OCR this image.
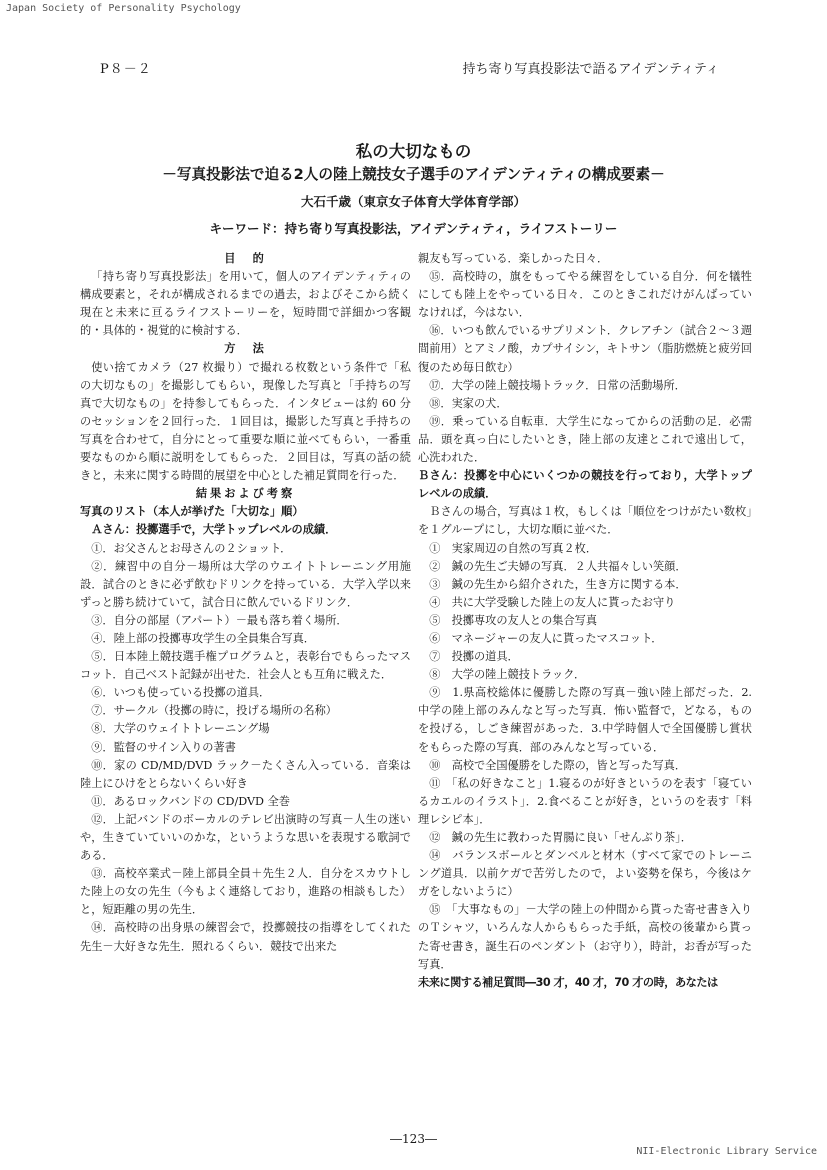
Japan Society of Personality Psychology
P８－２	持ち寄り写真投影法で語るアイデンティティ
私の大切なもの
－写真投影法で迫る2人の陸上競技女子選手のアイデンティティの構成要素－
大石千歳（東京女子体育大学体育学部）
キーワード：持ち寄り写真投影法，アイデンティティ，ライフストーリー

目　的

「持ち寄り写真投影法」を用いて，個人のアイデンティティの構成要素と，それが構成されるまでの過去，およびそこから続く現在と未来に亘るライフストーリーを，短時間で詳細かつ客観的・具体的・視覚的に検討する．

方　法

使い捨てカメラ（27 枚撮り）で撮れる枚数という条件で「私の大切なもの」を撮影してもらい，現像した写真と「手持ちの写真で大切なもの」を持参してもらった．インタビューは約 60 分のセッションを２回行った．１回目は，撮影した写真と手持ちの写真を合わせて，自分にとって重要な順に並べてもらい，一番重要なものから順に説明をしてもらった．２回目は，写真の話の続きと，未来に関する時間的展望を中心とした補足質問を行った．

結果および考察

写真のリスト（本人が挙げた「大切な」順）

Ａさん：投擲選手で，大学トップレベルの成績．

①．お父さんとお母さんの２ショット．

②．練習中の自分－場所は大学のウエイトトレーニング用施設．試合のときに必ず飲むドリンクを持っている．大学入学以来ずっと勝ち続けていて，試合日に飲んでいるドリンク．

③．自分の部屋（アパート）－最も落ち着く場所．

④．陸上部の投擲専攻学生の全員集合写真．

⑤．日本陸上競技選手権プログラムと，表彰台でもらったマスコット．自己ベスト記録が出せた．社会人とも互角に戦えた．

⑥．いつも使っている投擲の道具．

⑦．サークル（投擲の時に，投げる場所の名称）

⑧．大学のウェイトトレーニング場

⑨．監督のサイン入りの著書

⑩．家の CD/MD/DVD ラック－たくさん入っている．音楽は陸上にひけをとらないくらい好き

⑪．あるロックバンドの CD/DVD 全巻

⑫．上記バンドのボーカルのテレビ出演時の写真－人生の迷いや，生きていていいのかな，というような思いを表現する歌詞である．

⑬．高校卒業式－陸上部員全員＋先生２人．自分をスカウトした陸上の女の先生（今もよく連絡しており，進路の相談もした）と，短距離の男の先生．

⑭．高校時の出身県の練習会で，投擲競技の指導をしてくれた先生－大好きな先生．照れるくらい．競技で出来た

親友も写っている．楽しかった日々．

⑮．高校時の，旗をもってやる練習をしている自分．何を犠牲にしても陸上をやっている日々．このときこれだけがんばっていなければ，今はない．

⑯．いつも飲んでいるサプリメント．クレアチン（試合２～３週間前用）とアミノ酸，カプサイシン，キトサン（脂肪燃焼と疲労回復のため毎日飲む）

⑰．大学の陸上競技場トラック．日常の活動場所．

⑱．実家の犬．

⑲．乗っている自転車．大学生になってからの活動の足．必需品．頭を真っ白にしたいとき，陸上部の友達とこれで遠出して，心洗われた．

Ｂさん：投擲を中心にいくつかの競技を行っており，大学トップレベルの成績．

Ｂさんの場合，写真は１枚，もしくは「順位をつけがたい数枚」を１グループにし，大切な順に並べた．

①　実家周辺の自然の写真２枚．

②　鍼の先生ご夫婦の写真．２人共福々しい笑顔．

③　鍼の先生から紹介された，生き方に関する本．

④　共に大学受験した陸上の友人に貰ったお守り

⑤　投擲専攻の友人との集合写真

⑥　マネージャーの友人に貰ったマスコット．

⑦　投擲の道具．

⑧　大学の陸上競技トラック．

⑨　1.県高校総体に優勝した際の写真－強い陸上部だった．2.中学の陸上部のみんなと写った写真．怖い監督で，どなる，ものを投げる，しごき練習があった．3.中学時個人で全国優勝し賞状をもらった際の写真．部のみんなと写っている．

⑩　高校で全国優勝をした際の，皆と写った写真．

⑪　「私の好きなこと」1.寝るのが好きというのを表す「寝ているカエルのイラスト」．2.食べることが好き，というのを表す「料理レシピ本」．

⑫　鍼の先生に教わった胃腸に良い「せんぶり茶」．

⑭　バランスボールとダンベルと材木（すべて家でのトレーニング道具．以前ケガで苦労したので，よい姿勢を保ち，今後はケガをしないように）

⑮　「大事なもの」－大学の陸上の仲間から貰った寄せ書き入りのＴシャツ，いろんな人からもらった手紙，高校の後輩から貰った寄せ書き，誕生石のペンダント（お守り），時計，お香が写った写真．

未来に関する補足質問―30 才，40 才，70 才の時，あなたは

―123―
NII-Electronic Library Service
